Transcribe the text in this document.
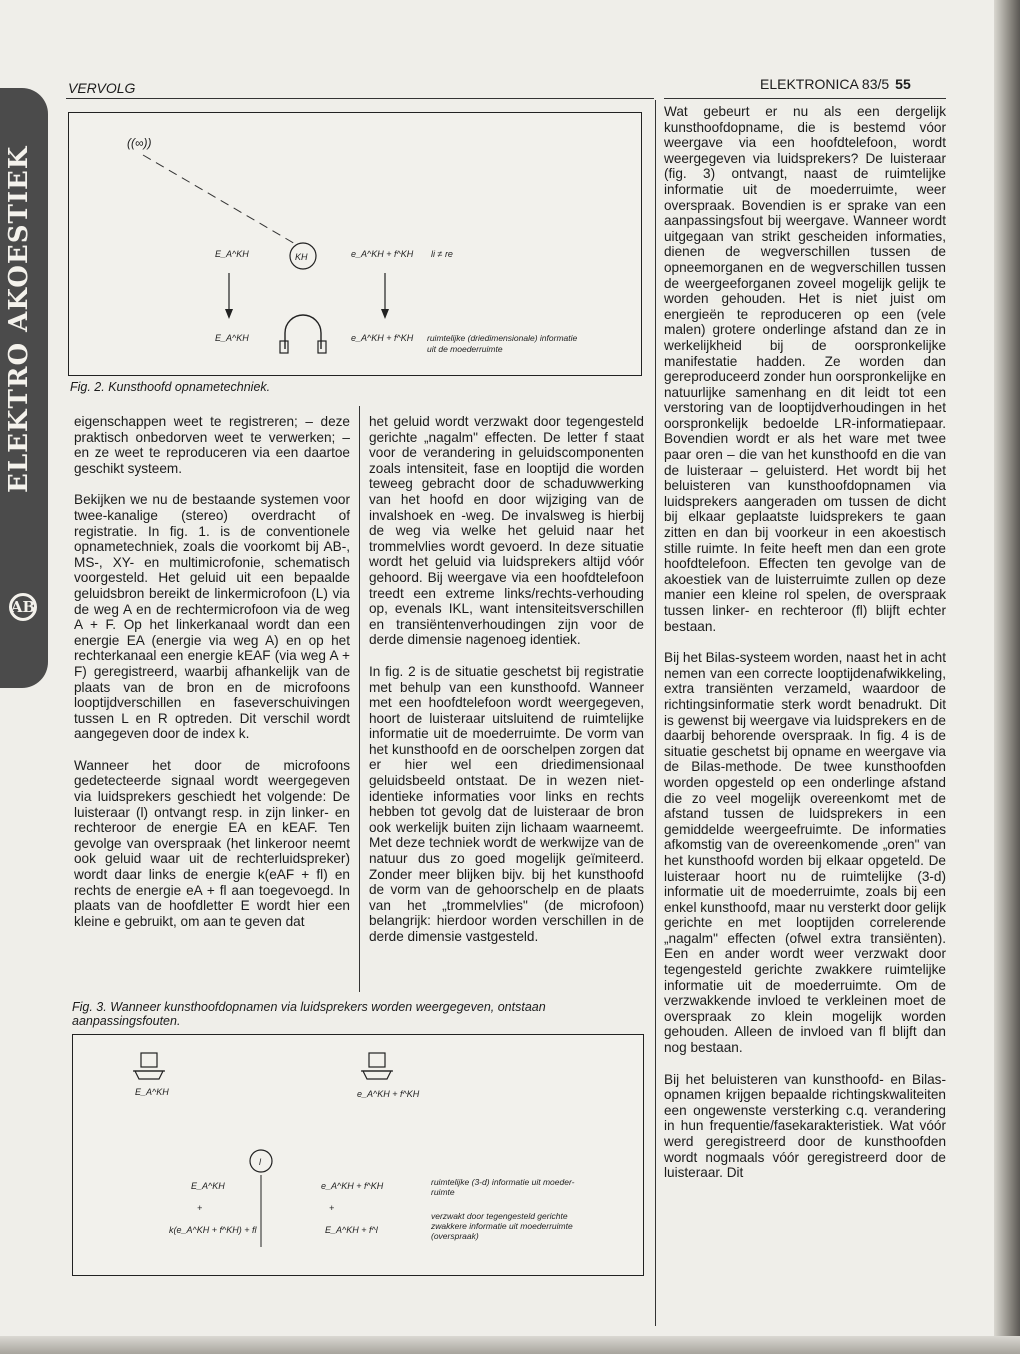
ELEKTRO AKOESTIEK
AB
VERVOLG	ELEKTRONICA 83/5 55
((∞))
KH
E_A^KH	e_A^KH + f^KH li ≠ re
E_A^KH	e_A^KH + f^KH ruimtelijke (driedimensionale) informatie
uit de moederruimte
Fig. 2. Kunsthoofd opnametechniek.

eigenschappen weet te registreren; – deze praktisch onbedorven weet te verwerken; – en ze weet te reproduceren via een daartoe geschikt systeem.

Bekijken we nu de bestaande systemen voor twee-kanalige (stereo) overdracht of registratie. In fig. 1. is de conventionele opnametechniek, zoals die voorkomt bij AB-, MS-, XY- en multimicrofonie, schematisch voorgesteld. Het geluid uit een bepaalde geluidsbron bereikt de linkermicrofoon (L) via de weg A en de rechtermicrofoon via de weg A + F. Op het linkerkanaal wordt dan een energie EA (energie via weg A) en op het rechterkanaal een energie kEAF (via weg A + F) geregistreerd, waarbij afhankelijk van de plaats van de bron en de microfoons looptijdverschillen en faseverschuivingen tussen L en R optreden. Dit verschil wordt aangegeven door de index k.

Wanneer het door de microfoons gedetecteerde signaal wordt weergegeven via luidsprekers geschiedt het volgende: De luisteraar (l) ontvangt resp. in zijn linker- en rechteroor de energie EA en kEAF. Ten gevolge van overspraak (het linkeroor neemt ook geluid waar uit de rechterluidspreker) wordt daar links de energie k(eAF + fl) en rechts de energie eA + fl aan toegevoegd. In plaats van de hoofdletter E wordt hier een kleine e gebruikt, om aan te geven dat

het geluid wordt verzwakt door tegengesteld gerichte „nagalm" effecten. De letter f staat voor de verandering in geluidscomponenten zoals intensiteit, fase en looptijd die worden teweeg gebracht door de schaduwwerking van het hoofd en door wijziging van de invalshoek en -weg. De invalsweg is hierbij de weg via welke het geluid naar het trommelvlies wordt gevoerd. In deze situatie wordt het geluid via luidsprekers altijd vóór gehoord. Bij weergave via een hoofdtelefoon treedt een extreme links/rechts-verhouding op, evenals IKL, want intensiteitsverschillen en transiëntenverhoudingen zijn voor de derde dimensie nagenoeg identiek.

In fig. 2 is de situatie geschetst bij registratie met behulp van een kunsthoofd. Wanneer met een hoofdtelefoon wordt weergegeven, hoort de luisteraar uitsluitend de ruimtelijke informatie uit de moederruimte. De vorm van het kunsthoofd en de oorschelpen zorgen dat er hier wel een driedimensionaal geluidsbeeld ontstaat. De in wezen niet-identieke informaties voor links en rechts hebben tot gevolg dat de luisteraar de bron ook werkelijk buiten zijn lichaam waarneemt. Met deze techniek wordt de werkwijze van de natuur dus zo goed mogelijk geïmiteerd. Zonder meer blijken bijv. bij het kunsthoofd de vorm van de gehoorschelp en de plaats van het „trommelvlies" (de microfoon) belangrijk: hierdoor worden verschillen in de derde dimensie vastgesteld.

Wat gebeurt er nu als een dergelijk kunsthoofdopname, die is bestemd vóor weergave via een hoofdtelefoon, wordt weergegeven via luidsprekers? De luisteraar (fig. 3) ontvangt, naast de ruimtelijke informatie uit de moederruimte, weer overspraak. Bovendien is er sprake van een aanpassingsfout bij weergave. Wanneer wordt uitgegaan van strikt gescheiden informaties, dienen de wegverschillen tussen de opneemorganen en de wegverschillen tussen de weergeeforganen zoveel mogelijk gelijk te worden gehouden. Het is niet juist om energieën te reproduceren op een (vele malen) grotere onderlinge afstand dan ze in werkelijkheid bij de oorspronkelijke manifestatie hadden. Ze worden dan gereproduceerd zonder hun oorspronkelijke en natuurlijke samenhang en dit leidt tot een verstoring van de looptijdverhoudingen in het oorspronkelijk bedoelde LR-informatiepaar. Bovendien wordt er als het ware met twee paar oren – die van het kunsthoofd en die van de luisteraar – geluisterd. Het wordt bij het beluisteren van kunsthoofdopnamen via luidsprekers aangeraden om tussen de dicht bij elkaar geplaatste luidsprekers te gaan zitten en dan bij voorkeur in een akoestisch stille ruimte. In feite heeft men dan een grote hoofdtelefoon. Effecten ten gevolge van de akoestiek van de luisterruimte zullen op deze manier een kleine rol spelen, de overspraak tussen linker- en rechteroor (fl) blijft echter bestaan.

Bij het Bilas-systeem worden, naast het in acht nemen van een correcte looptijdenafwikkeling, extra transiënten verzameld, waardoor de richtingsinformatie sterk wordt benadrukt. Dit is gewenst bij weergave via luidsprekers en de daarbij behorende overspraak. In fig. 4 is de situatie geschetst bij opname en weergave via de Bilas-methode. De twee kunsthoofden worden opgesteld op een onderlinge afstand die zo veel mogelijk overeenkomt met de afstand tussen de luidsprekers in een gemiddelde weergeefruimte. De informaties afkomstig van de overeenkomende „oren" van het kunsthoofd worden bij elkaar opgeteld. De luisteraar hoort nu de ruimtelijke (3-d) informatie uit de moederruimte, zoals bij een enkel kunsthoofd, maar nu versterkt door gelijk gerichte en met looptijden correlerende „nagalm" effecten (ofwel extra transiënten). Een en ander wordt weer verzwakt door tegengesteld gerichte zwakkere ruimtelijke informatie uit de moederruimte. Om de verzwakkende invloed te verkleinen moet de overspraak zo klein mogelijk worden gehouden. Alleen de invloed van fl blijft dan nog bestaan.

Bij het beluisteren van kunsthoofd- en Bilas-opnamen krijgen bepaalde richtingskwaliteiten een ongewenste versterking c.q. verandering in hun frequentie/fasekarakteristiek. Wat vóór werd geregistreerd door de kunsthoofden wordt nogmaals vóór geregistreerd door de luisteraar. Dit

Fig. 3. Wanneer kunsthoofdopnamen via luidsprekers worden weergegeven, ontstaan aanpassingsfouten.
E_A^KH	e_A^KH + f^KH
l
E_A^KH	e_A^KH + f^KH
+	+
k(e_A^KH + f^KH) + fl	E_A^KH + f^l
ruimtelijke (3-d) informatie uit moeder-
ruimte
verzwakt door tegengesteld gerichte
zwakkere informatie uit moederruimte
(overspraak)
